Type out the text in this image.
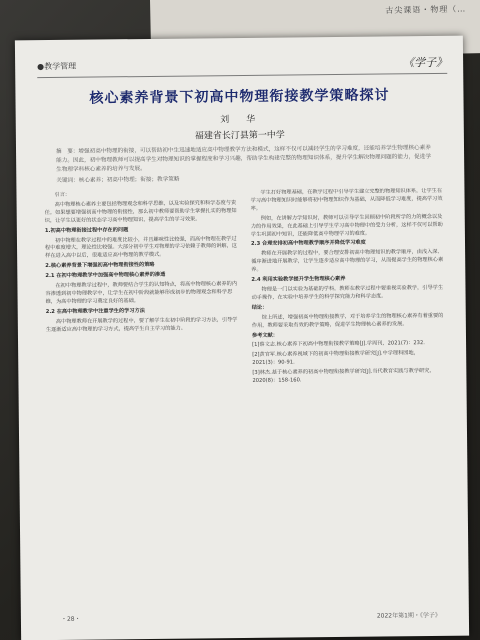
古尖课语・物理（…
●教学管理	《学子》
核心素养背景下初高中物理衔接教学策略探讨
刘　华
福建省长汀县第一中学
摘　要：增强初高中物理的衔接，可以帮助初中生迅速地适应高中物理教学方法和模式，这样不仅可以减轻学生的学习难度，还能培养学生物理核心素养能力。因此，初中物理教师可以提高学生对物理知识的掌握程度和学习兴趣，帮助学生构建完整的物理知识体系，提升学生解决物理问题的能力，促进学生物理学科核心素养的培养与发展。
关键词：核心素养；初高中物理；衔接；教学策略

引言：

高中物理核心素养主要包括物理观念和科学思维，以及实验探究和科学态度与责任。如果想要增强初高中物理的衔接性，那么初中教师要帮助学生掌握扎实的物理知识，让学生以更好的状态学习高中物理知识，提高学生的学习效果。

1.初高中物理衔接过程中存在的问题

初中物理在教学过程中的难度比较小，并且趣味性比较强，而高中物理在教学过程中难度增大，理论性比较强。大部分初中学生对物理的学习依赖于教师的讲解，这样在进入高中以后，很难适应高中物理的教学模式。

2.核心素养背景下增强初高中物理衔接性的策略
2.1 在初中物理教学中加强高中物理核心素养的渗透

在初中物理教学过程中，教师要结合学生的认知特点，将高中物理核心素养的内容渗透到初中物理教学中，让学生在初中阶段就能够形成初步的物理观念和科学思维，为高中物理的学习奠定良好的基础。

2.2 在高中物理教学中注重学生的学习方法

高中物理教师在开展教学的过程中，要了解学生在初中阶段的学习方法，引导学生逐渐适应高中物理的学习方式，提高学生自主学习的能力。

学生打好物理基础，在教学过程中引导学生建立完整的物理知识体系，让学生在学习高中物理知识时能够将初中物理知识作为基础，从而降低学习难度，提高学习效率。

例如，在讲解力学知识时，教师可以引导学生回顾初中阶段所学的力的概念以及力的作用效果，在此基础上引导学生学习高中物理中的受力分析，这样不仅可以帮助学生巩固初中知识，还能降低高中物理学习的难度。

2.3 合理安排初高中物理教学顺序并降低学习难度

教师在开展教学的过程中，要合理安排初高中物理知识的教学顺序，由浅入深、循序渐进地开展教学，让学生逐步适应高中物理的学习，从而提高学生的物理核心素养。

2.4 利用实验教学提升学生物理核心素养

物理是一门以实验为基础的学科，教师在教学过程中要重视实验教学，引导学生动手操作，在实验中培养学生的科学探究能力和科学态度。

结论：

综上所述，增强初高中物理衔接教学，对于培养学生的物理核心素养有着重要的作用，教师要采取有效的教学策略，促进学生物理核心素养的发展。

参考文献：

[1]蔡文志.核心素养下初高中物理衔接教学策略[J].学周刊，2021(7)：232.

[2]黄官军.核心素养视域下的初高中物理衔接教学研究[J].中学理科园地，2021(3)：90-91.

[3]林杰.基于核心素养的初高中物理衔接教学研究[J].当代教育实践与教学研究，2020(8)：158-160.

・28・	2022年第1期・《学子》
